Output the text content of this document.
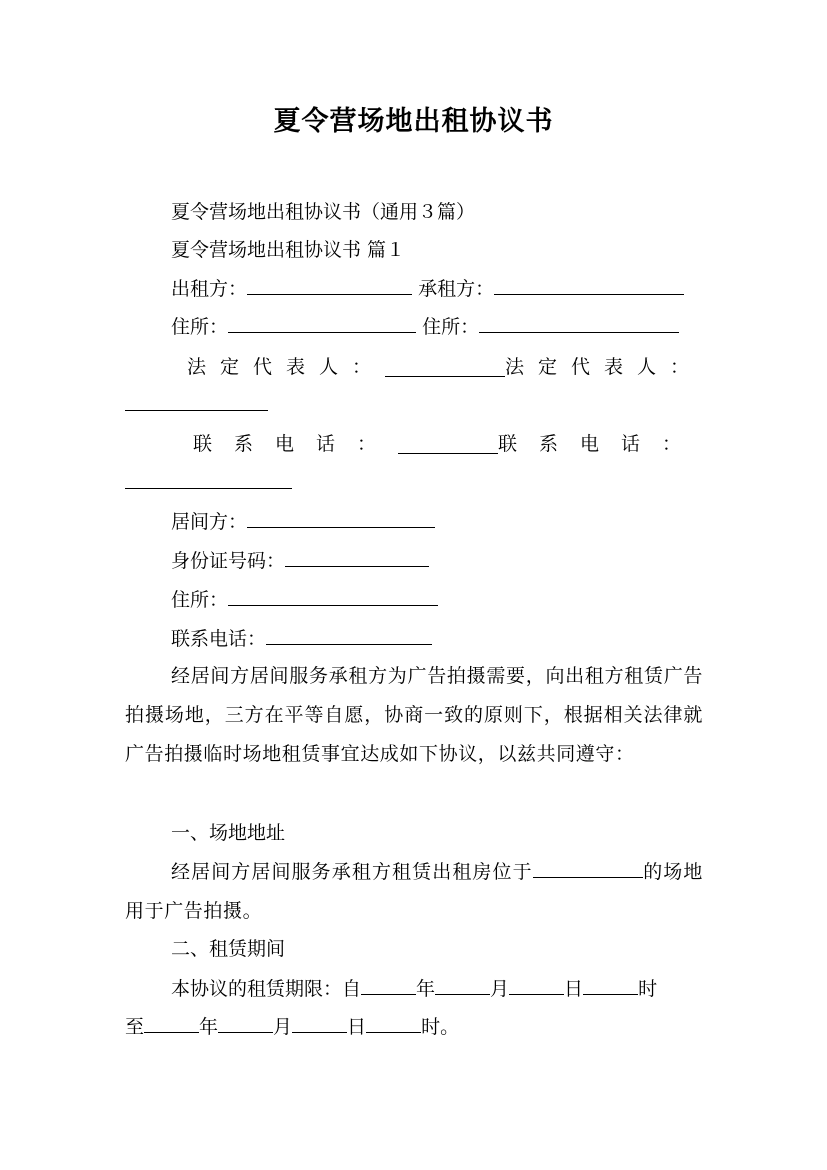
夏令营场地出租协议书
夏令营场地出租协议书（通用３篇）
夏令营场地出租协议书 篇１
出租方：	承租方：
住所：	住所：
法定代表人：	法定代表人：
联系电话：	联系电话：
居间方：
身份证号码：
住所：
联系电话：
经居间方居间服务承租方为广告拍摄需要，向出租方租赁广告拍摄场地，三方在平等自愿，协商一致的原则下，根据相关法律就广告拍摄临时场地租赁事宜达成如下协议，以兹共同遵守：
一、场地地址
经居间方居间服务承租方租赁出租房位于	的场地用于广告拍摄。
二、租赁期间
本协议的租赁期限：自	年	月	日	时
至	年	月	日	时。
